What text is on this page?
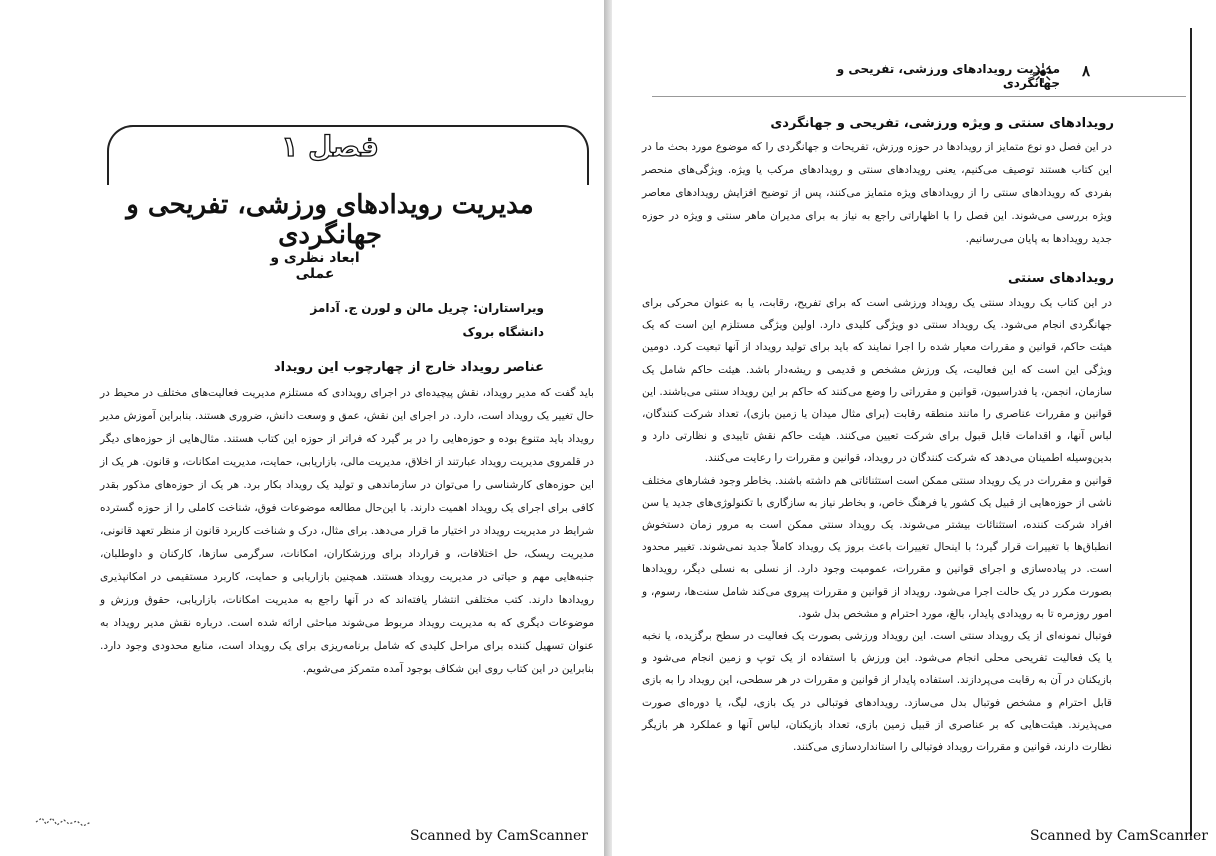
فصل ۱
مدیریت رویدادهای ورزشی، تفریحی و جهانگردی
ابعاد نظری و عملی
ویراستاران: چریل مالن و لورن ج. آدامز
دانشگاه بروک
عناصر رویداد خارج از چهارچوب این رویداد
باید گفت که مدیر رویداد، نقش پیچیده‌ای در اجرای رویدادی که مستلزم مدیریت فعالیت‌های مختلف در محیط در حال تغییر یک رویداد است، دارد. در اجرای این نقش، عمق و وسعت دانش، ضروری هستند. بنابراین آموزش مدیر رویداد باید متنوع بوده و حوزه‌هایی را در بر گیرد که فراتر از حوزه این کتاب هستند. مثال‌هایی از حوزه‌های دیگر در قلمروی مدیریت رویداد عبارتند از اخلاق، مدیریت مالی، بازاریابی، حمایت، مدیریت امکانات، و قانون. هر یک از این حوزه‌های کارشناسی را می‌توان در سازماندهی و تولید یک رویداد بکار برد. هر یک از حوزه‌های مذکور بقدر کافی برای اجرای یک رویداد اهمیت دارند. با این‌حال مطالعه موضوعات فوق، شناخت کاملی را از حوزه گسترده شرایط در مدیریت رویداد در اختیار ما قرار می‌دهد. برای مثال، درک و شناخت کاربرد قانون از منظر تعهد قانونی، مدیریت ریسک، حل اختلافات، و قرارداد برای ورزشکاران، امکانات، سرگرمی سازها، کارکنان و داوطلبان، جنبه‌هایی مهم و حیاتی در مدیریت رویداد هستند. همچنین بازاریابی و حمایت، کاربرد مستقیمی در امکانپذیری رویدادها دارند. کتب مختلفی انتشار یافته‌اند که در آنها راجع به مدیریت امکانات، بازاریابی، حقوق ورزش و موضوعات دیگری که به مدیریت رویداد مربوط می‌شوند مباحثی ارائه شده است. درباره نقش مدیر رویداد به عنوان تسهیل کننده برای مراحل کلیدی که شامل برنامه‌ریزی برای یک رویداد است، منابع محدودی وجود دارد. بنابراین در این کتاب روی این شکاف بوجود آمده متمرکز می‌شویم.
Scanned by CamScanner
۸
مدیریت رویدادهای ورزشی، تفریحی و جهانگردی
رویدادهای سنتی و ویژه ورزشی، تفریحی و جهانگردی
در این فصل دو نوع متمایز از رویدادها در حوزه ورزش، تفریحات و جهانگردی را که موضوع مورد بحث ما در این کتاب هستند توصیف می‌کنیم، یعنی رویدادهای سنتی و رویدادهای مرکب یا ویژه. ویژگی‌های منحصر بفردی که رویدادهای سنتی را از رویدادهای ویژه متمایز می‌کنند، پس از توضیح افزایش رویدادهای معاصر ویژه بررسی می‌شوند. این فصل را با اظهاراتی راجع به نیاز به برای مدیران ماهر سنتی و ویژه در حوزه جدید رویدادها به پایان می‌رسانیم.
رویدادهای سنتی

در این کتاب یک رویداد سنتی یک رویداد ورزشی است که برای تفریح، رقابت، یا به عنوان محرکی برای جهانگردی انجام می‌شود. یک رویداد سنتی دو ویژگی کلیدی دارد. اولین ویژگی مستلزم این است که یک هیئت حاکم، قوانین و مقررات معیار شده را اجرا نمایند که باید برای تولید رویداد از آنها تبعیت کرد. دومین ویژگی این است که این فعالیت، یک ورزش مشخص و قدیمی و ریشه‌دار باشد. هیئت حاکم شامل یک سازمان، انجمن، یا فدراسیون، قوانین و مقرراتی را وضع می‌کنند که حاکم بر این رویداد سنتی می‌باشند. این قوانین و مقررات عناصری را مانند منطقه رقابت (برای مثال میدان یا زمین بازی)، تعداد شرکت کنندگان، لباس آنها، و اقدامات قابل قبول برای شرکت تعیین می‌کنند. هیئت حاکم نقش تاییدی و نظارتی دارد و بدین‌وسیله اطمینان می‌دهد که شرکت کنندگان در رویداد، قوانین و مقررات را رعایت می‌کنند.

قوانین و مقررات در یک رویداد سنتی ممکن است استثنائاتی هم داشته باشند. بخاطر وجود فشارهای مختلف ناشی از حوزه‌هایی از قبیل یک کشور یا فرهنگ خاص، و بخاطر نیاز به سازگاری با تکنولوژی‌های جدید یا سن افراد شرکت کننده، استثنائات بیشتر می‌شوند. یک رویداد سنتی ممکن است به مرور زمان دستخوش انطباق‌ها با تغییرات قرار گیرد؛ با اینحال تغییرات باعث بروز یک رویداد کاملاً جدید نمی‌شوند. تغییر محدود است. در پیاده‌سازی و اجرای قوانین و مقررات، عمومیت وجود دارد. از نسلی به نسلی دیگر، رویدادها بصورت مکرر در یک حالت اجرا می‌شود. رویداد از قوانین و مقررات پیروی می‌کند شامل سنت‌ها، رسوم، و امور روزمره تا به رویدادی پایدار، بالغ، مورد احترام و مشخص بدل شود.

فوتبال نمونه‌ای از یک رویداد سنتی است. این رویداد ورزشی بصورت یک فعالیت در سطح برگزیده، یا نخبه یا یک فعالیت تفریحی محلی انجام می‌شود. این ورزش با استفاده از یک توپ و زمین انجام می‌شود و بازیکنان در آن به رقابت می‌پردازند. استفاده پایدار از قوانین و مقررات در هر سطحی، این رویداد را به بازی قابل احترام و مشخص فوتبال بدل می‌سازد. رویدادهای فوتبالی در یک بازی، لیگ، یا دوره‌ای صورت می‌پذیرند. هیئت‌هایی که بر عناصری از قبیل زمین بازی، تعداد بازیکنان، لباس آنها و عملکرد هر بازیگر نظارت دارند، قوانین و مقررات رویداد فوتبالی را استانداردسازی می‌کنند.

Scanned by CamScanner
